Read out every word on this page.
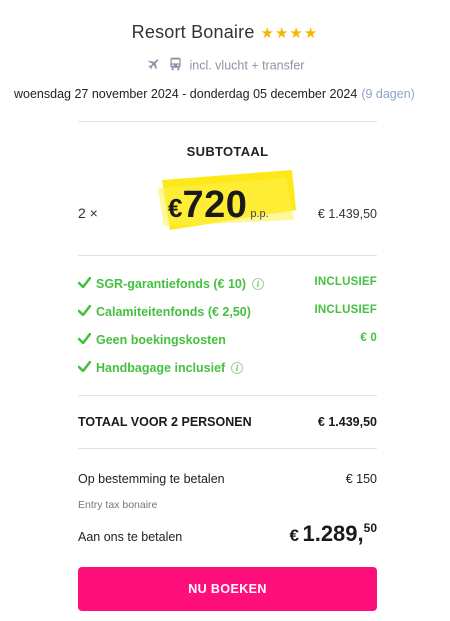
Resort Bonaire ★★★★
incl. vlucht + transfer
woensdag 27 november 2024 - donderdag 05 december 2024 (9 dagen)
SUBTOTAAL
2 ×	€720 p.p.	€ 1.439,50
SGR-garantiefonds (€ 10) i	INCLUSIEF
Calamiteitenfonds (€ 2,50)	INCLUSIEF
Geen boekingskosten	€ 0
Handbagage inclusief i
TOTAAL VOOR 2 PERSONEN	€ 1.439,50
Op bestemming te betalen	€ 150
Entry tax bonaire
Aan ons te betalen	€ 1.289,50
NU BOEKEN
